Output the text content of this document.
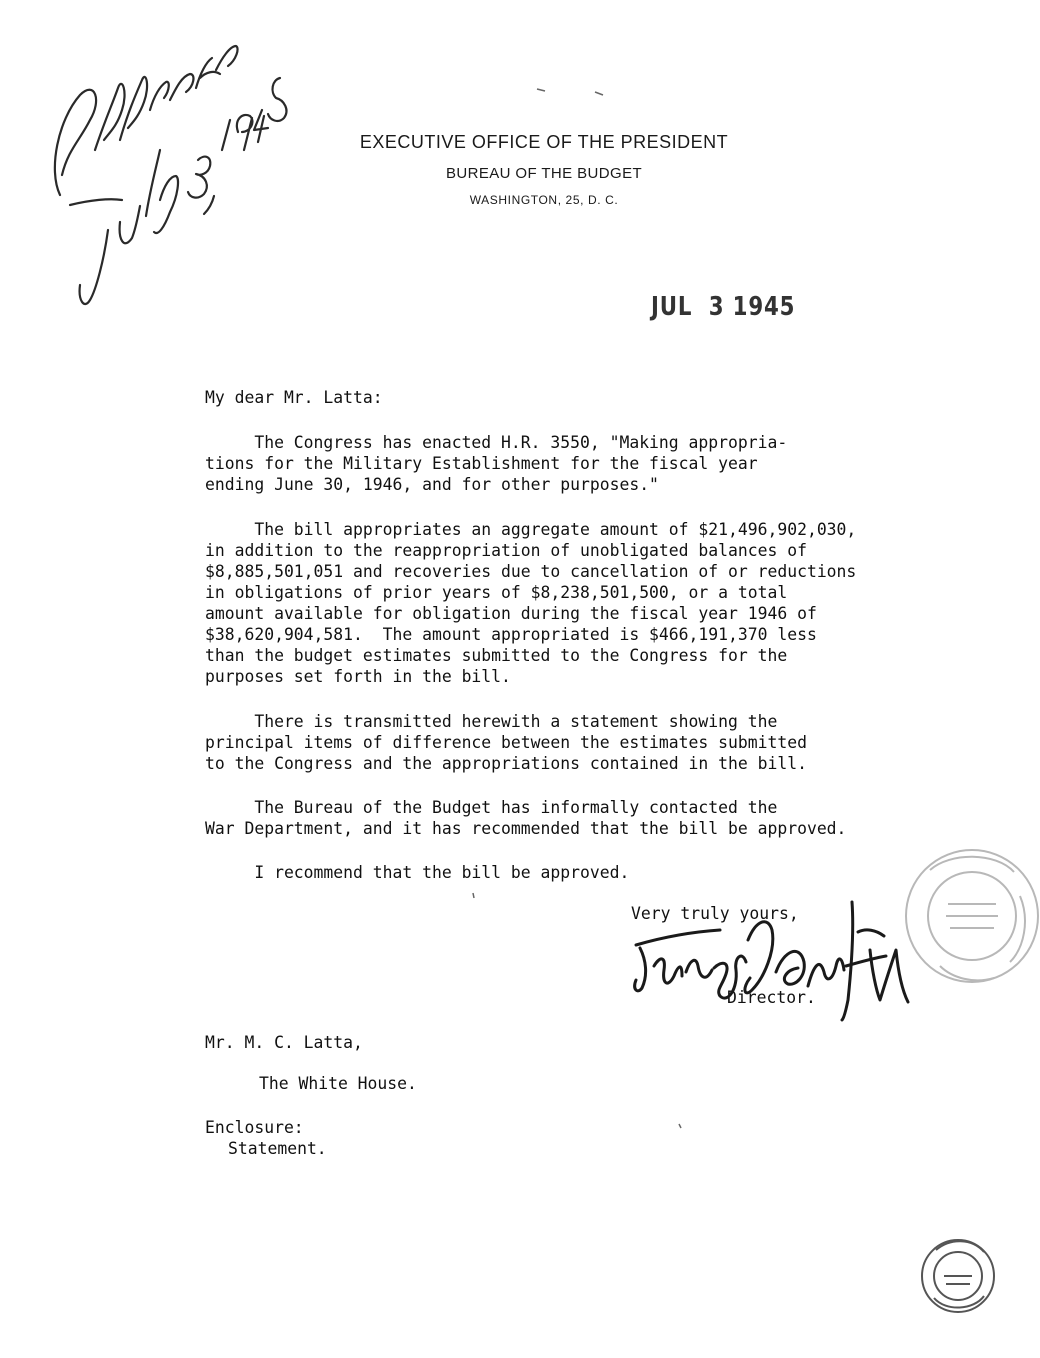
EXECUTIVE OFFICE OF THE PRESIDENT
BUREAU OF THE BUDGET
WASHINGTON, 25, D. C.
JUL  3 1945
My dear Mr. Latta:
The Congress has enacted H.R. 3550, "Making appropria-
tions for the Military Establishment for the fiscal year
ending June 30, 1946, and for other purposes."
The bill appropriates an aggregate amount of $21,496,902,030,
in addition to the reappropriation of unobligated balances of
$8,885,501,051 and recoveries due to cancellation of or reductions
in obligations of prior years of $8,238,501,500, or a total
amount available for obligation during the fiscal year 1946 of
$38,620,904,581.  The amount appropriated is $466,191,370 less
than the budget estimates submitted to the Congress for the
purposes set forth in the bill.
There is transmitted herewith a statement showing the
principal items of difference between the estimates submitted
to the Congress and the appropriations contained in the bill.
The Bureau of the Budget has informally contacted the
War Department, and it has recommended that the bill be approved.
I recommend that the bill be approved.
Very truly yours,
Director.
Mr. M. C. Latta,
The White House.
Enclosure:
Statement.
